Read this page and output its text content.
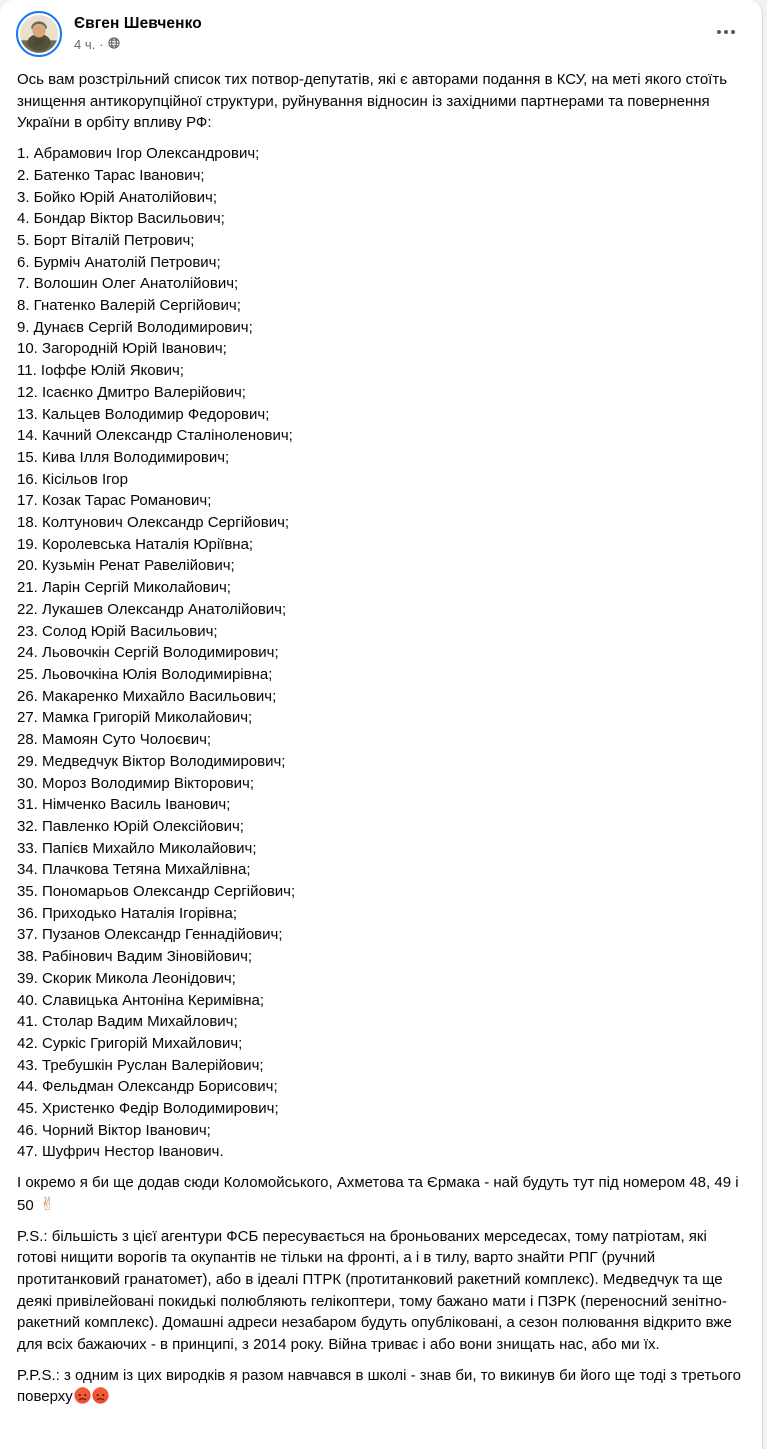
Євген Шевченко
4 ч. ·

Ось вам розстрільний список тих потвор-депутатів, які є авторами подання в КСУ, на меті якого стоїть знищення антикорупційної структури, руйнування відносин із західними партнерами та повернення України в орбіту впливу РФ:

1. Абрамович Ігор Олександрович;
2. Батенко Тарас Іванович;
3. Бойко Юрій Анатолійович;
4. Бондар Віктор Васильович;
5. Борт Віталій Петрович;
6. Бурміч Анатолій Петрович;
7. Волошин Олег Анатолійович;
8. Гнатенко Валерій Сергійович;
9. Дунаєв Сергій Володимирович;
10. Загородній Юрій Іванович;
11. Іоффе Юлій Якович;
12. Ісаєнко Дмитро Валерійович;
13. Кальцев Володимир Федорович;
14. Качний Олександр Сталіноленович;
15. Кива Ілля Володимирович;
16. Кісільов Ігор
17. Козак Тарас Романович;
18. Колтунович Олександр Сергійович;
19. Королевська Наталія Юріївна;
20. Кузьмін Ренат Равелійович;
21. Ларін Сергій Миколайович;
22. Лукашев Олександр Анатолійович;
23. Солод Юрій Васильович;
24. Льовочкін Сергій Володимирович;
25. Льовочкіна Юлія Володимирівна;
26. Макаренко Михайло Васильович;
27. Мамка Григорій Миколайович;
28. Мамоян Суто Чолоєвич;
29. Медведчук Віктор Володимирович;
30. Мороз Володимир Вікторович;
31. Німченко Василь Іванович;
32. Павленко Юрій Олексійович;
33. Папієв Михайло Миколайович;
34. Плачкова Тетяна Михайлівна;
35. Пономарьов Олександр Сергійович;
36. Приходько Наталія Ігорівна;
37. Пузанов Олександр Геннадійович;
38. Рабінович Вадим Зіновійович;
39. Скорик Микола Леонідович;
40. Славицька Антоніна Керимівна;
41. Столар Вадим Михайлович;
42. Суркіс Григорій Михайлович;
43. Требушкін Руслан Валерійович;
44. Фельдман Олександр Борисович;
45. Христенко Федір Володимирович;
46. Чорний Віктор Іванович;
47. Шуфрич Нестор Іванович.

І окремо я би ще додав сюди Коломойського, Ахметова та Єрмака - най будуть тут під номером 48, 49 і 50 ✌

P.S.: більшість з цієї агентури ФСБ пересувається на броньованих мерседесах, тому патріотам, які готові нищити ворогів та окупантів не тільки на фронті, а і в тилу, варто знайти РПГ (ручний протитанковий гранатомет), або в ідеалі ПТРК (протитанковий ракетний комплекс). Медведчук та ще деякі привілейовані покидькі полюбляють гелікоптери, тому бажано мати і ПЗРК (переносний зенітно-ракетний комплекс). Домашні адреси незабаром будуть опубліковані, а сезон полювання відкрито вже для всіх бажаючих - в принципі, з 2014 року. Війна триває і або вони знищать нас, або ми їх.

P.P.S.: з одним із цих виродків я разом навчався в школі - знав би, то викинув би його ще тоді з третього поверху
